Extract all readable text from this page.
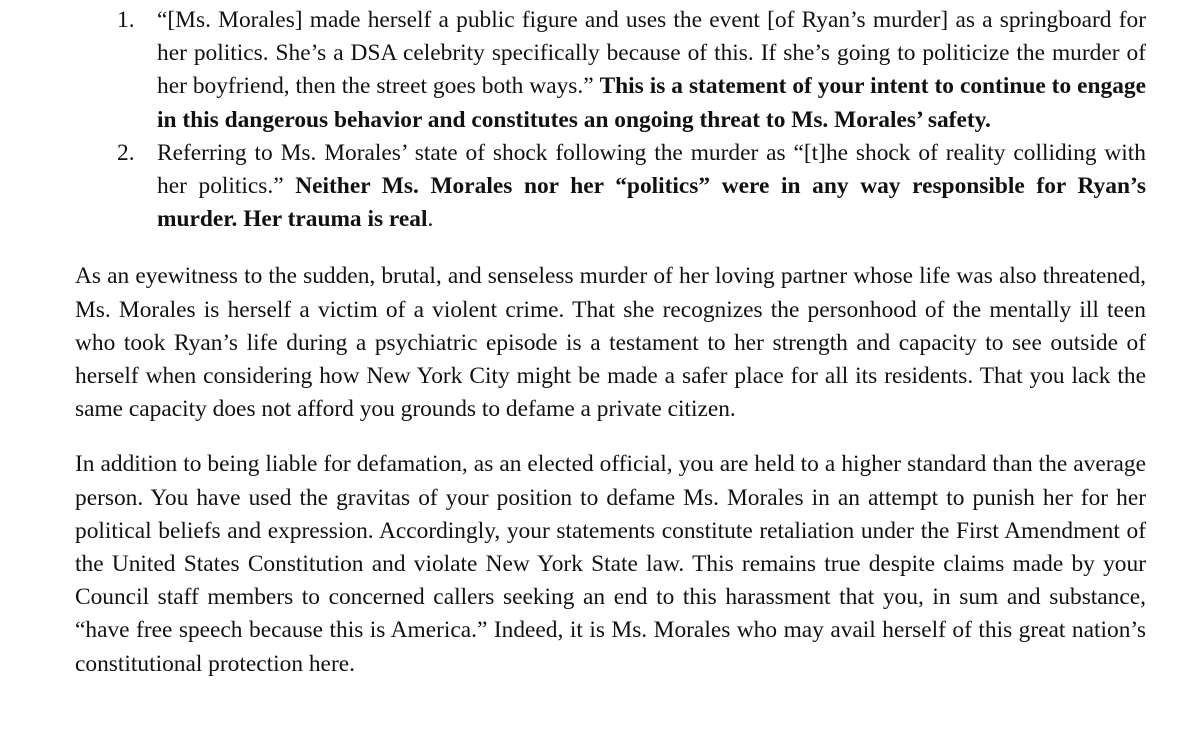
1. “[Ms. Morales] made herself a public figure and uses the event [of Ryan’s murder] as a springboard for her politics. She’s a DSA celebrity specifically because of this. If she’s going to politicize the murder of her boyfriend, then the street goes both ways.” This is a statement of your intent to continue to engage in this dangerous behavior and constitutes an ongoing threat to Ms. Morales’ safety.
2. Referring to Ms. Morales’ state of shock following the murder as “[t]he shock of reality colliding with her politics.” Neither Ms. Morales nor her “politics” were in any way responsible for Ryan’s murder. Her trauma is real.

As an eyewitness to the sudden, brutal, and senseless murder of her loving partner whose life was also threatened, Ms. Morales is herself a victim of a violent crime. That she recognizes the personhood of the mentally ill teen who took Ryan’s life during a psychiatric episode is a testament to her strength and capacity to see outside of herself when considering how New York City might be made a safer place for all its residents. That you lack the same capacity does not afford you grounds to defame a private citizen.

In addition to being liable for defamation, as an elected official, you are held to a higher standard than the average person. You have used the gravitas of your position to defame Ms. Morales in an attempt to punish her for her political beliefs and expression. Accordingly, your statements constitute retaliation under the First Amendment of the United States Constitution and violate New York State law. This remains true despite claims made by your Council staff members to concerned callers seeking an end to this harassment that you, in sum and substance, “have free speech because this is America.” Indeed, it is Ms. Morales who may avail herself of this great nation’s constitutional protection here.
